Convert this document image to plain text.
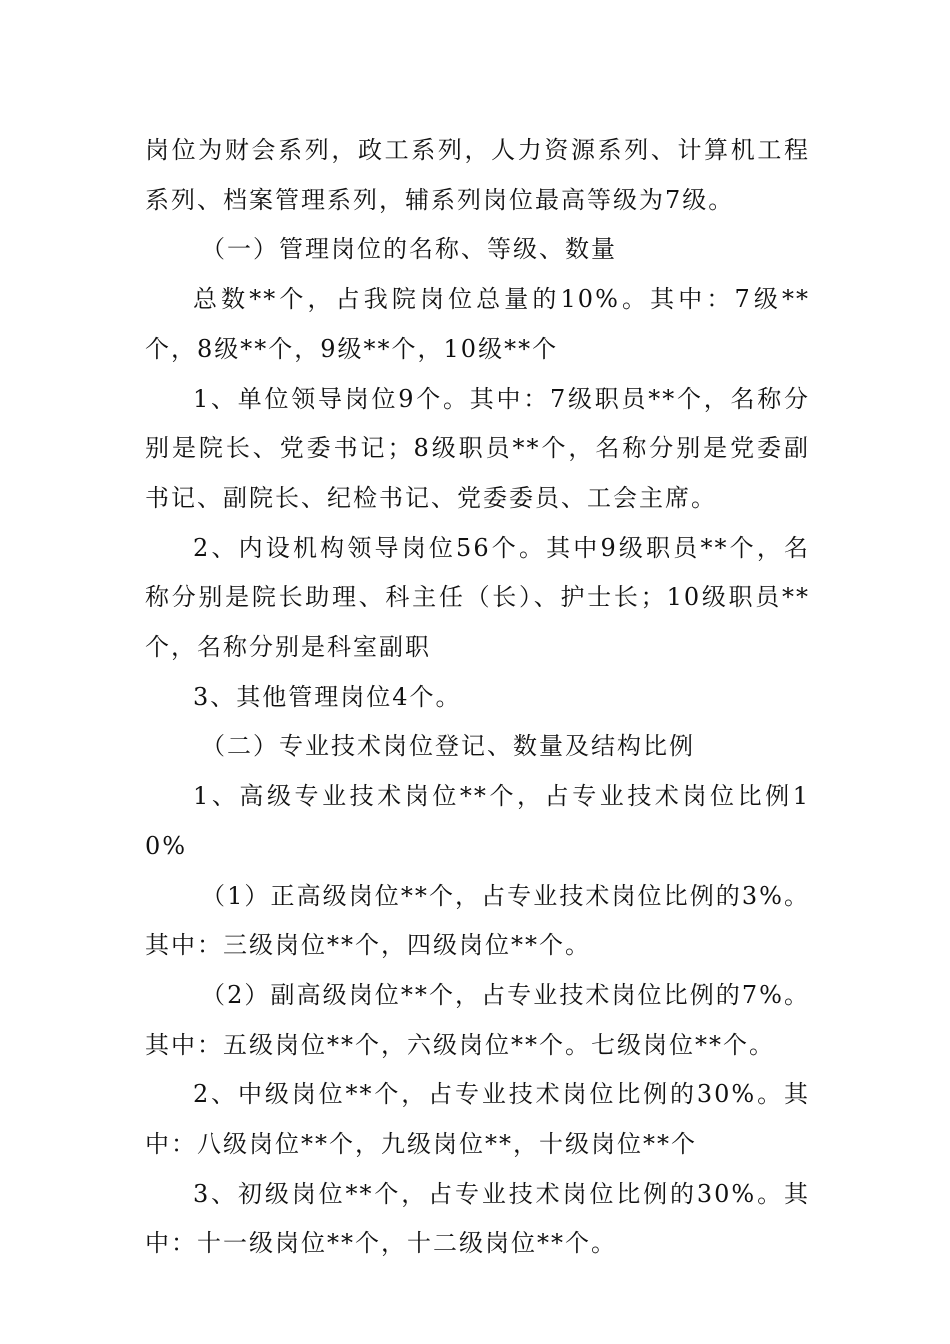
岗位为财会系列，政工系列，人力资源系列、计算机工程系列、档案管理系列，辅系列岗位最高等级为7级。

（一）管理岗位的名称、等级、数量

总数**个，占我院岗位总量的10%。其中：7级**个，8级**个，9级**个，10级**个

1、单位领导岗位9个。其中：7级职员**个，名称分别是院长、党委书记；8级职员**个，名称分别是党委副书记、副院长、纪检书记、党委委员、工会主席。

2、内设机构领导岗位56个。其中9级职员**个，名称分别是院长助理、科主任（长）、护士长；10级职员**个，名称分别是科室副职

3、其他管理岗位4个。

（二）专业技术岗位登记、数量及结构比例

1、高级专业技术岗位**个，占专业技术岗位比例10%

（1）正高级岗位**个，占专业技术岗位比例的3%。其中：三级岗位**个，四级岗位**个。

（2）副高级岗位**个，占专业技术岗位比例的7%。其中：五级岗位**个，六级岗位**个。七级岗位**个。

2、中级岗位**个，占专业技术岗位比例的30%。其中：八级岗位**个，九级岗位**，十级岗位**个

3、初级岗位**个，占专业技术岗位比例的30%。其中：十一级岗位**个，十二级岗位**个。
